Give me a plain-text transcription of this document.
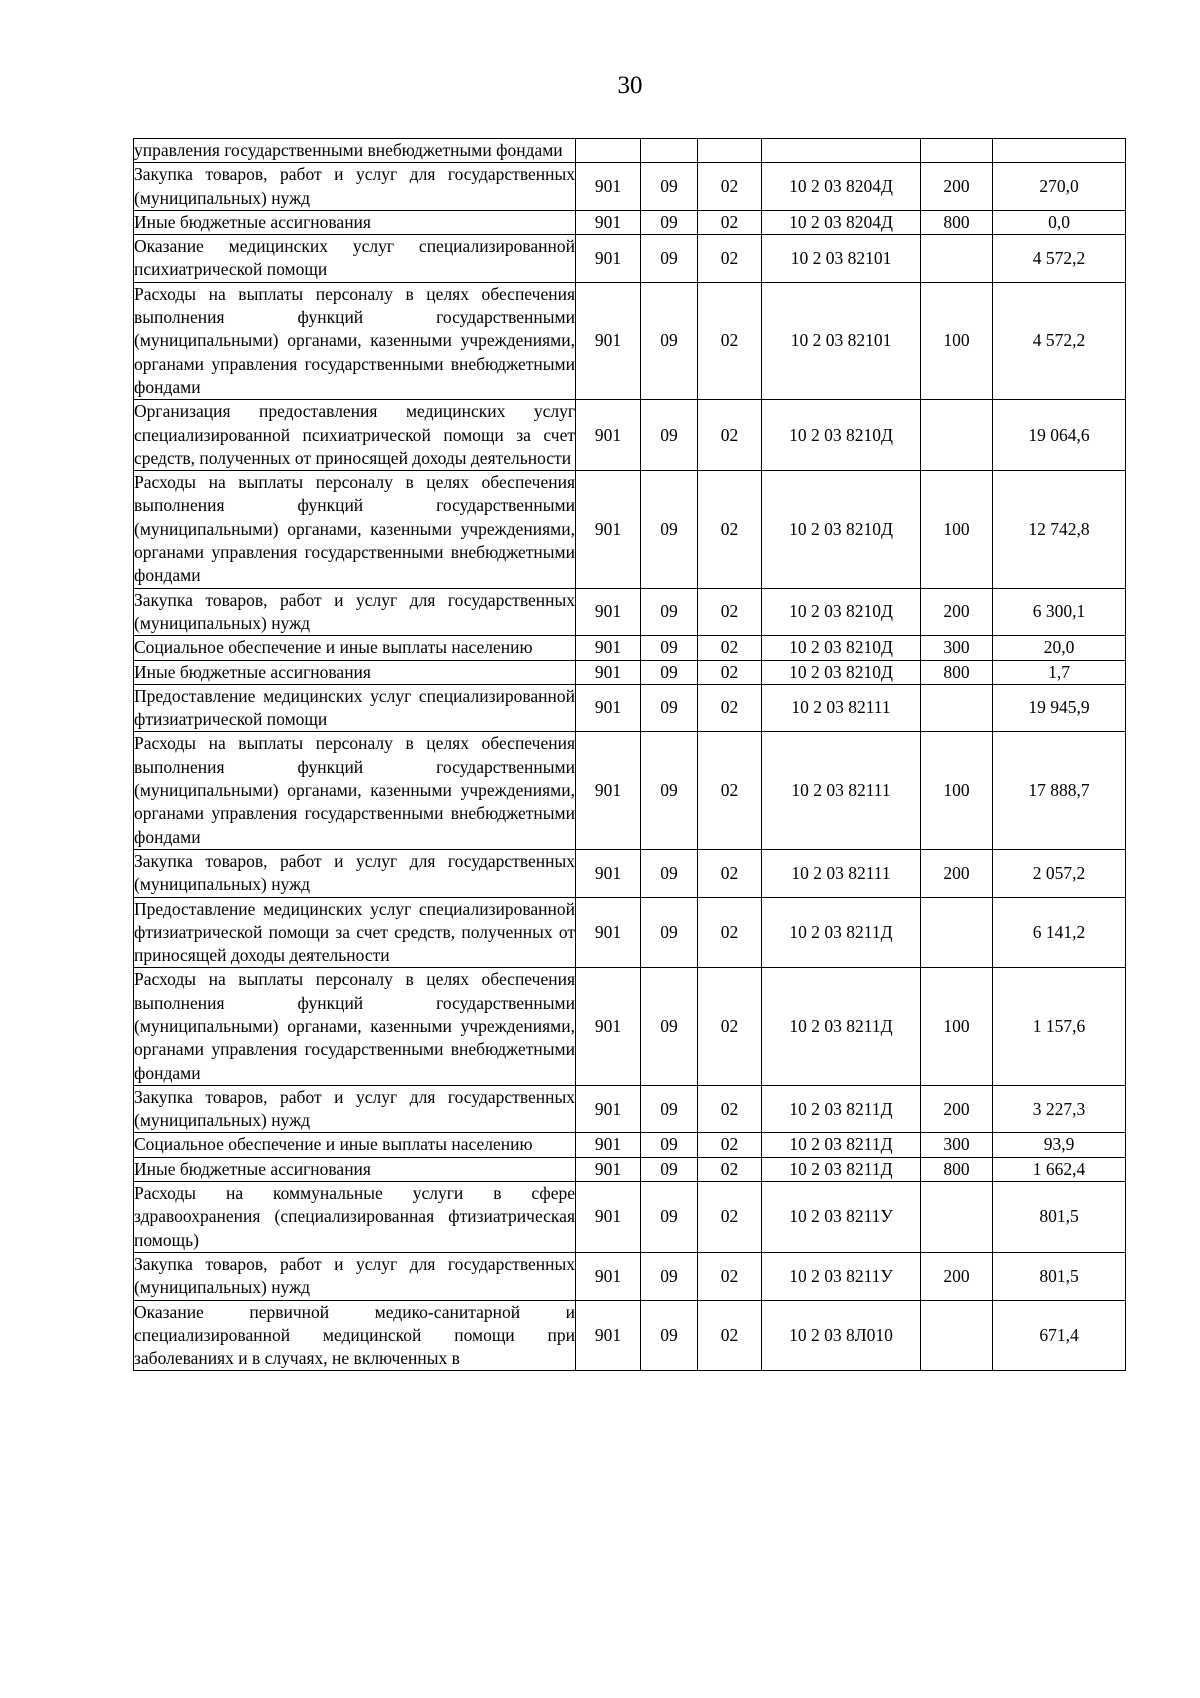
30
управления государственными внебюджетными фондами						
Закупка товаров, работ и услуг для государственных (муниципальных) нужд	901	09	02	10 2 03 8204Д	200	270,0
Иные бюджетные ассигнования	901	09	02	10 2 03 8204Д	800	0,0
Оказание медицинских услуг специализированной психиатрической помощи	901	09	02	10 2 03 82101		4 572,2
Расходы на выплаты персоналу в целях обеспечения выполнения функций государственными (муниципальными) органами, казенными учреждениями, органами управления государственными внебюджетными фондами	901	09	02	10 2 03 82101	100	4 572,2
Организация предоставления медицинских услуг специализированной психиатрической помощи за счет средств, полученных от приносящей доходы деятельности	901	09	02	10 2 03 8210Д		19 064,6
Расходы на выплаты персоналу в целях обеспечения выполнения функций государственными (муниципальными) органами, казенными учреждениями, органами управления государственными внебюджетными фондами	901	09	02	10 2 03 8210Д	100	12 742,8
Закупка товаров, работ и услуг для государственных (муниципальных) нужд	901	09	02	10 2 03 8210Д	200	6 300,1
Социальное обеспечение и иные выплаты населению	901	09	02	10 2 03 8210Д	300	20,0
Иные бюджетные ассигнования	901	09	02	10 2 03 8210Д	800	1,7
Предоставление медицинских услуг специализированной фтизиатрической помощи	901	09	02	10 2 03 82111		19 945,9
Расходы на выплаты персоналу в целях обеспечения выполнения функций государственными (муниципальными) органами, казенными учреждениями, органами управления государственными внебюджетными фондами	901	09	02	10 2 03 82111	100	17 888,7
Закупка товаров, работ и услуг для государственных (муниципальных) нужд	901	09	02	10 2 03 82111	200	2 057,2
Предоставление медицинских услуг специализированной фтизиатрической помощи за счет средств, полученных от приносящей доходы деятельности	901	09	02	10 2 03 8211Д		6 141,2
Расходы на выплаты персоналу в целях обеспечения выполнения функций государственными (муниципальными) органами, казенными учреждениями, органами управления государственными внебюджетными фондами	901	09	02	10 2 03 8211Д	100	1 157,6
Закупка товаров, работ и услуг для государственных (муниципальных) нужд	901	09	02	10 2 03 8211Д	200	3 227,3
Социальное обеспечение и иные выплаты населению	901	09	02	10 2 03 8211Д	300	93,9
Иные бюджетные ассигнования	901	09	02	10 2 03 8211Д	800	1 662,4
Расходы на коммунальные услуги в сфере здравоохранения (специализированная фтизиатрическая помощь)	901	09	02	10 2 03 8211У		801,5
Закупка товаров, работ и услуг для государственных (муниципальных) нужд	901	09	02	10 2 03 8211У	200	801,5
Оказание первичной медико-санитарной и специализированной медицинской помощи при заболеваниях и в случаях, не включенных в	901	09	02	10 2 03 8Л010		671,4
